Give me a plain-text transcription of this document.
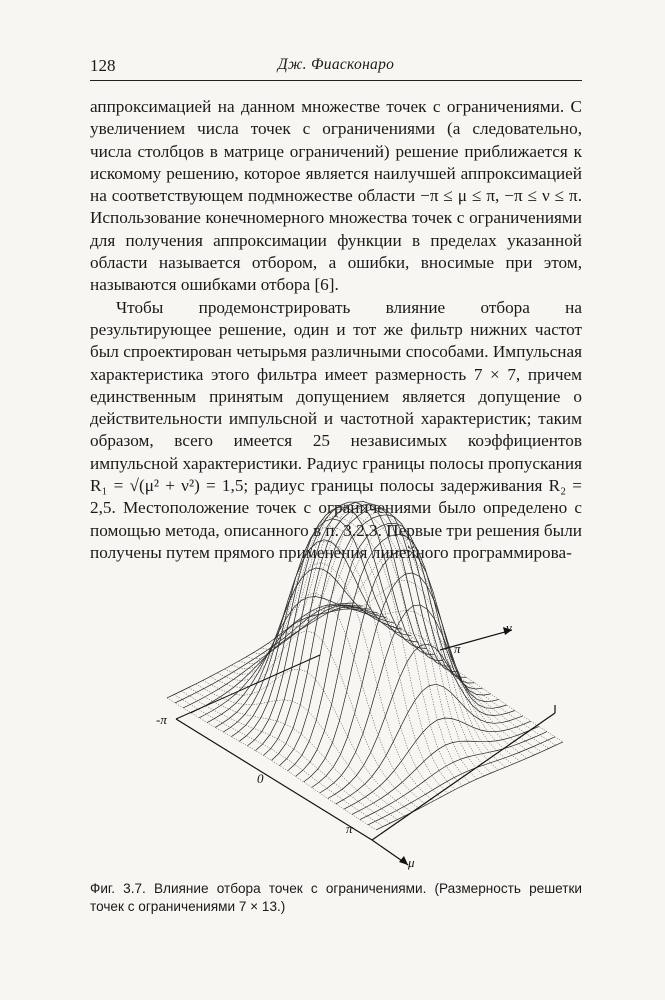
128	Дж. Фиасконаро

аппроксимацией на данном множестве точек с ограничениями. С увеличением числа точек с ограничениями (а следовательно, числа столбцов в матрице ограничений) решение приближается к искомому решению, которое является наилучшей аппроксимацией на соответствующем подмножестве области −π ≤ μ ≤ π, −π ≤ ν ≤ π. Использование конечномерного множества точек с ограничениями для получения аппроксимации функции в пределах указанной области называется отбором, а ошибки, вносимые при этом, называются ошибками отбора [6].

Чтобы продемонстрировать влияние отбора на результирующее решение, один и тот же фильтр нижних частот был спроектирован четырьмя различными способами. Импульсная характеристика этого фильтра имеет размерность 7 × 7, причем единственным принятым допущением является допущение о действительности импульсной и частотной характеристик; таким образом, всего имеется 25 независимых коэффициентов импульсной характеристики. Радиус границы полосы пропускания R₁ = √(μ² + ν²) = 1,5; радиус границы полосы задерживания R₂ = 2,5. Местоположение точек с ограничениями было определено с помощью метода, описанного в п. 3.2.3. Первые три решения были получены путем прямого применения линейного программирова-

-π
0
π
π
μ
ν
Фиг. 3.7. Влияние отбора точек с ограничениями. (Размерность решетки точек с ограничениями 7 × 13.)
